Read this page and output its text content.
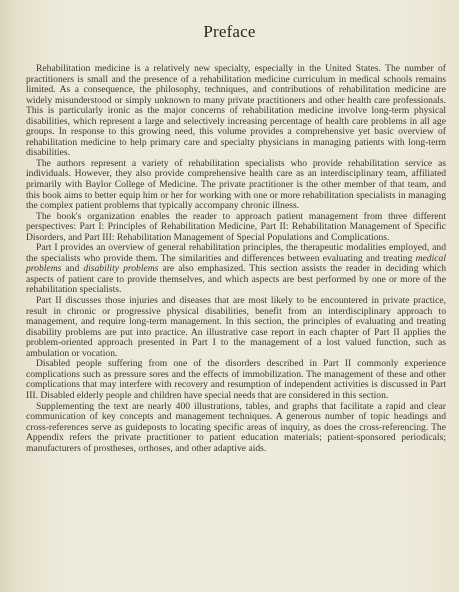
Preface

Rehabilitation medicine is a relatively new specialty, especially in the United States. The number of practitioners is small and the presence of a rehabilitation medicine curriculum in medical schools remains limited. As a consequence, the philosophy, techniques, and contributions of rehabilitation medicine are widely misunderstood or simply unknown to many private practitioners and other health care professionals. This is particularly ironic as the major concerns of rehabilitation medicine involve long-term physical disabilities, which represent a large and selectively increasing percentage of health care problems in all age groups. In response to this growing need, this volume provides a comprehensive yet basic overview of rehabilitation medicine to help primary care and specialty physicians in managing patients with long-term disabilities.

The authors represent a variety of rehabilitation specialists who provide rehabilitation service as individuals. However, they also provide comprehensive health care as an interdisciplinary team, affiliated primarily with Baylor College of Medicine. The private practitioner is the other member of that team, and this book aims to better equip him or her for working with one or more rehabilitation specialists in managing the complex patient problems that typically accompany chronic illness.

The book's organization enables the reader to approach patient management from three different perspectives: Part I: Principles of Rehabilitation Medicine, Part II: Rehabilitation Management of Specific Disorders, and Part III: Rehabilitation Management of Special Populations and Complications.

Part I provides an overview of general rehabilitation principles, the therapeutic modalities employed, and the specialists who provide them. The similarities and differences between evaluating and treating medical problems and disability problems are also emphasized. This section assists the reader in deciding which aspects of patient care to provide themselves, and which aspects are best performed by one or more of the rehabilitation specialists.

Part II discusses those injuries and diseases that are most likely to be encountered in private practice, result in chronic or progressive physical disabilities, benefit from an interdisciplinary approach to management, and require long-term management. In this section, the principles of evaluating and treating disability problems are put into practice. An illustrative case report in each chapter of Part II applies the problem-oriented approach presented in Part I to the management of a lost valued function, such as ambulation or vocation.

Disabled people suffering from one of the disorders described in Part II commonly experience complications such as pressure sores and the effects of immobilization. The management of these and other complications that may interfere with recovery and resumption of independent activities is discussed in Part III. Disabled elderly people and children have special needs that are considered in this section.

Supplementing the text are nearly 400 illustrations, tables, and graphs that facilitate a rapid and clear communication of key concepts and management techniques. A generous number of topic headings and cross-references serve as guideposts to locating specific areas of inquiry, as does the cross-referencing. The Appendix refers the private practitioner to patient education materials; patient-sponsored periodicals; manufacturers of prostheses, orthoses, and other adaptive aids.
